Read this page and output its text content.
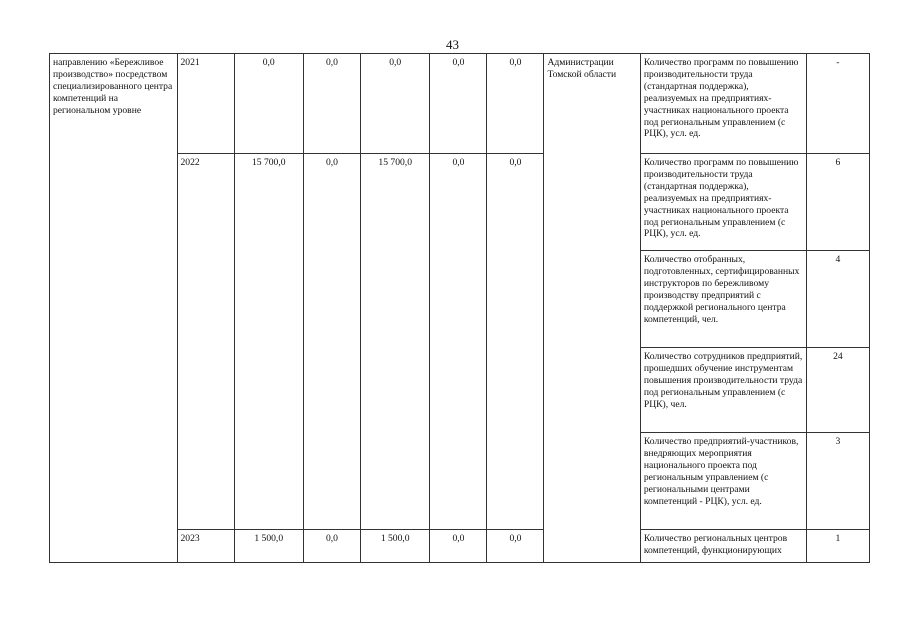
43
направлению «Бережливое производство» посредством специализированного центра компетенций на региональном уровне	2021	0,0	0,0	0,0	0,0	0,0	Администрации Томской области	Количество программ по повышению производительности труда (стандартная поддержка), реализуемых на предприятиях-участниках национального проекта под региональным управлением (с РЦК), усл. ед.	-
	2022	15 700,0	0,0	15 700,0	0,0	0,0		Количество программ по повышению производительности труда (стандартная поддержка), реализуемых на предприятиях-участниках национального проекта под региональным управлением (с РЦК), усл. ед.	6
								Количество отобранных, подготовленных, сертифицированных инструкторов по бережливому производству предприятий с поддержкой регионального центра компетенций, чел.	4
								Количество сотрудников предприятий, прошедших обучение инструментам повышения производительности труда под региональным управлением (с РЦК), чел.	24
								Количество предприятий-участников, внедряющих мероприятия национального проекта под региональным управлением (с региональными центрами компетенций - РЦК), усл. ед.	3
	2023	1 500,0	0,0	1 500,0	0,0	0,0		Количество региональных центров компетенций, функционирующих	1
